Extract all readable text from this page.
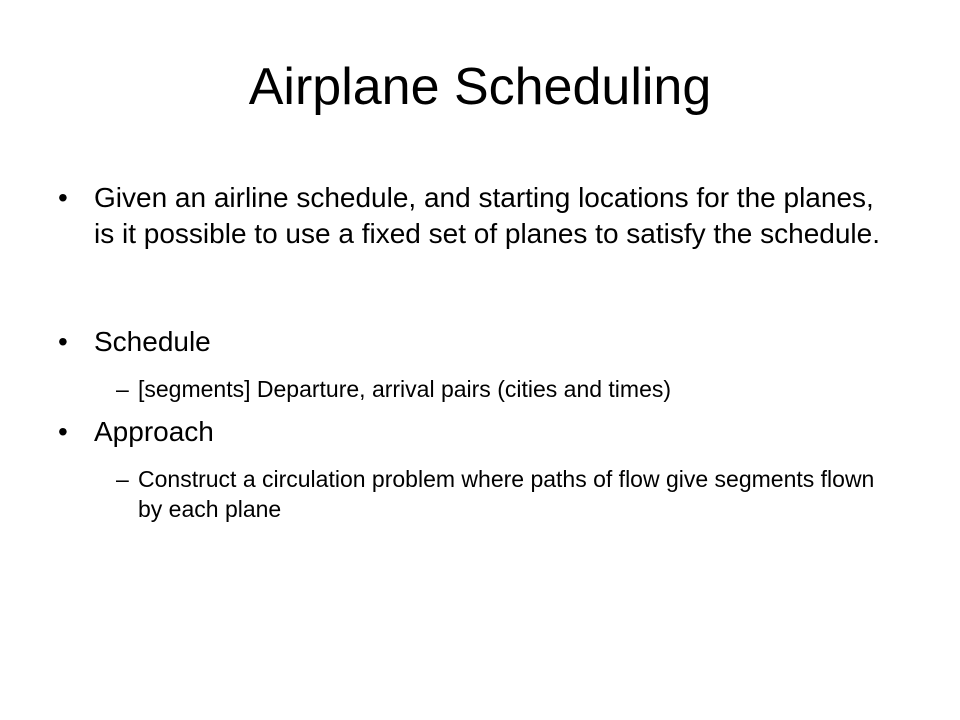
Airplane Scheduling
• Given an airline schedule, and starting locations for the planes, is it possible to use a fixed set of planes to satisfy the schedule.
• Schedule
– [segments] Departure, arrival pairs (cities and times)
• Approach
– Construct a circulation problem where paths of flow give segments flown by each plane
